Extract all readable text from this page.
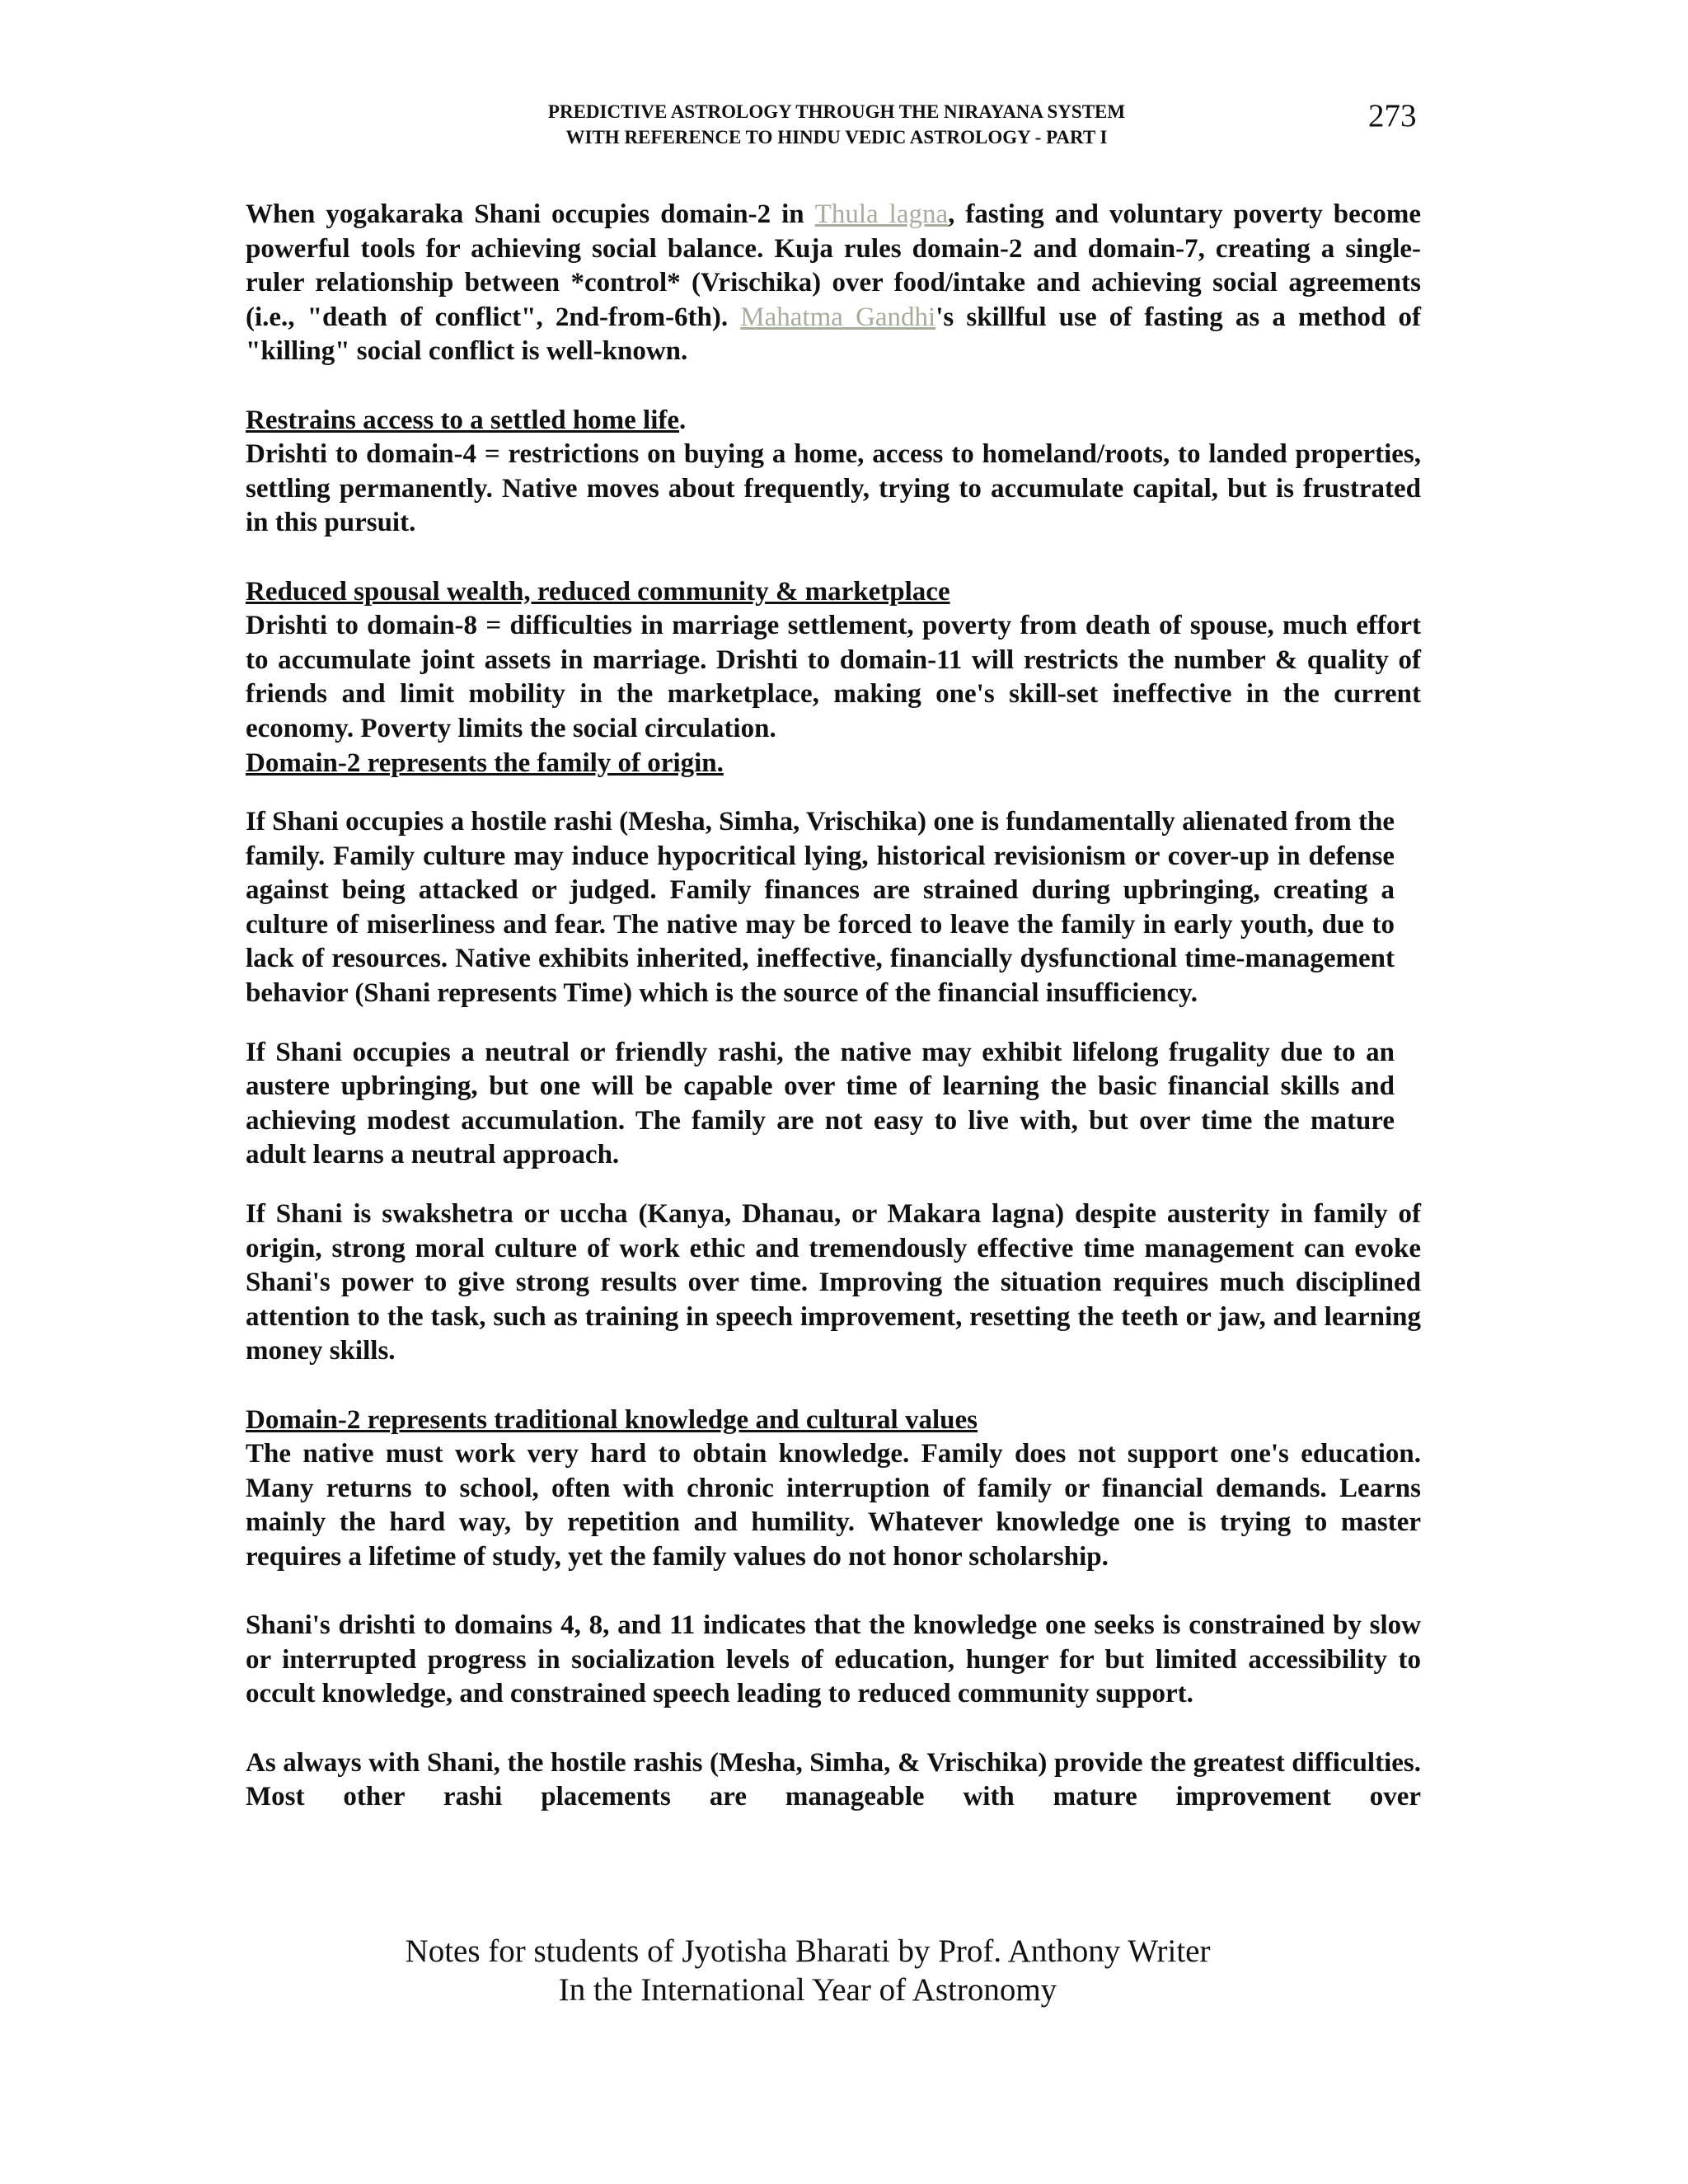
PREDICTIVE ASTROLOGY THROUGH THE NIRAYANA SYSTEM
WITH REFERENCE TO HINDU VEDIC ASTROLOGY - PART I
273

When yogakaraka Shani occupies domain-2 in Thula lagna, fasting and voluntary poverty become powerful tools for achieving social balance. Kuja rules domain-2 and domain-7, creating a single-ruler relationship between *control* (Vrischika) over food/intake and achieving social agreements (i.e., "death of conflict", 2nd-from-6th). Mahatma Gandhi's skillful use of fasting as a method of "killing" social conflict is well-known.

Restrains access to a settled home life.

Drishti to domain-4 = restrictions on buying a home, access to homeland/roots, to landed properties, settling permanently. Native moves about frequently, trying to accumulate capital, but is frustrated in this pursuit.

Reduced spousal wealth, reduced community & marketplace

Drishti to domain-8 = difficulties in marriage settlement, poverty from death of spouse, much effort to accumulate joint assets in marriage. Drishti to domain-11 will restricts the number & quality of friends and limit mobility in the marketplace, making one's skill-set ineffective in the current economy. Poverty limits the social circulation.

Domain-2 represents the family of origin.

If Shani occupies a hostile rashi (Mesha, Simha, Vrischika) one is fundamentally alienated from the family. Family culture may induce hypocritical lying, historical revisionism or cover-up in defense against being attacked or judged. Family finances are strained during upbringing, creating a culture of miserliness and fear. The native may be forced to leave the family in early youth, due to lack of resources. Native exhibits inherited, ineffective, financially dysfunctional time-management behavior (Shani represents Time) which is the source of the financial insufficiency.

If Shani occupies a neutral or friendly rashi, the native may exhibit lifelong frugality due to an austere upbringing, but one will be capable over time of learning the basic financial skills and achieving modest accumulation. The family are not easy to live with, but over time the mature adult learns a neutral approach.

If Shani is swakshetra or uccha (Kanya, Dhanau, or Makara lagna) despite austerity in family of origin, strong moral culture of work ethic and tremendously effective time management can evoke Shani's power to give strong results over time. Improving the situation requires much disciplined attention to the task, such as training in speech improvement, resetting the teeth or jaw, and learning money skills.

Domain-2 represents traditional knowledge and cultural values

The native must work very hard to obtain knowledge. Family does not support one's education. Many returns to school, often with chronic interruption of family or financial demands. Learns mainly the hard way, by repetition and humility. Whatever knowledge one is trying to master requires a lifetime of study, yet the family values do not honor scholarship.

Shani's drishti to domains 4, 8, and 11 indicates that the knowledge one seeks is constrained by slow or interrupted progress in socialization levels of education, hunger for but limited accessibility to occult knowledge, and constrained speech leading to reduced community support.

As always with Shani, the hostile rashis (Mesha, Simha, & Vrischika) provide the greatest difficulties. Most other rashi placements are manageable with mature improvement over

Notes for students of Jyotisha Bharati by Prof. Anthony Writer
In the International Year of Astronomy
